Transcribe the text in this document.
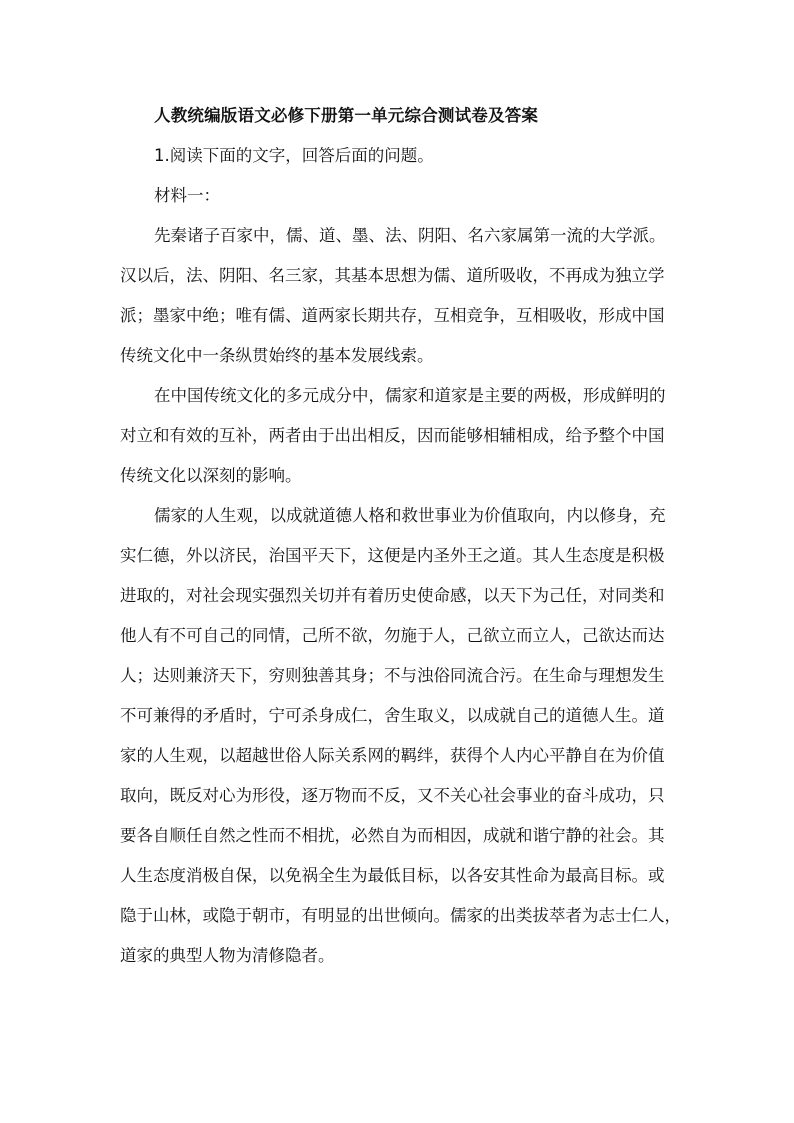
人教统编版语文必修下册第一单元综合测试卷及答案

1.阅读下面的文字，回答后面的问题。

材料一：

先秦诸子百家中，儒、道、墨、法、阴阳、名六家属第一流的大学派。

汉以后，法、阴阳、名三家，其基本思想为儒、道所吸收，不再成为独立学

派；墨家中绝；唯有儒、道两家长期共存，互相竞争，互相吸收，形成中国

传统文化中一条纵贯始终的基本发展线索。

在中国传统文化的多元成分中，儒家和道家是主要的两极，形成鲜明的

对立和有效的互补，两者由于出出相反，因而能够相辅相成，给予整个中国

传统文化以深刻的影响。

儒家的人生观，以成就道德人格和救世事业为价值取向，内以修身，充

实仁德，外以济民，治国平天下，这便是内圣外王之道。其人生态度是积极

进取的，对社会现实强烈关切并有着历史使命感，以天下为己任，对同类和

他人有不可自己的同情，己所不欲，勿施于人，己欲立而立人，己欲达而达

人；达则兼济天下，穷则独善其身；不与浊俗同流合污。在生命与理想发生

不可兼得的矛盾时，宁可杀身成仁，舍生取义，以成就自己的道德人生。道

家的人生观，以超越世俗人际关系网的羁绊，获得个人内心平静自在为价值

取向，既反对心为形役，逐万物而不反，又不关心社会事业的奋斗成功，只

要各自顺任自然之性而不相扰，必然自为而相因，成就和谐宁静的社会。其

人生态度消极自保，以免祸全生为最低目标，以各安其性命为最高目标。或

隐于山林，或隐于朝市，有明显的出世倾向。儒家的出类拔萃者为志士仁人，

道家的典型人物为清修隐者。
